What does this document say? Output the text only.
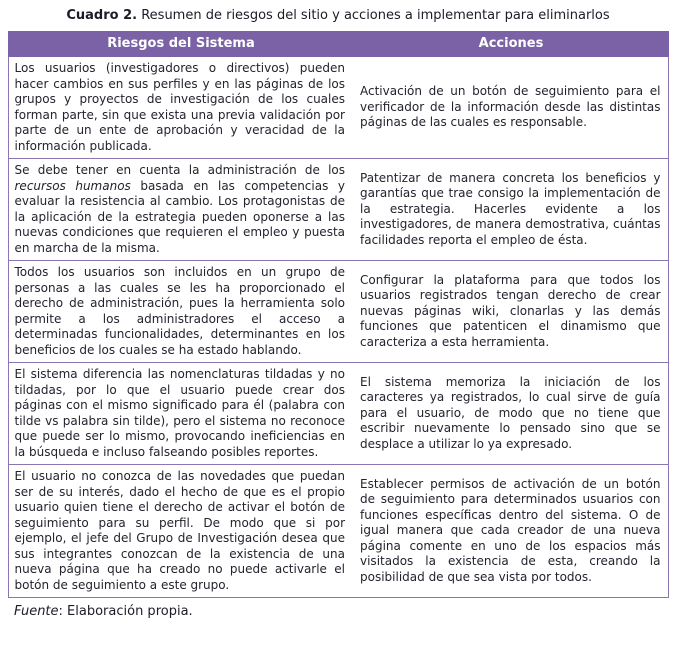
Cuadro 2. Resumen de riesgos del sitio y acciones a implementar para eliminarlos
Riesgos del Sistema	Acciones
Los usuarios (investigadores o directivos) pueden hacer cambios en sus perfiles y en las páginas de los grupos y proyectos de investigación de los cuales forman parte, sin que exista una previa validación por parte de un ente de aprobación y veracidad de la información publicada.	Activación de un botón de seguimiento para el verificador de la información desde las distintas páginas de las cuales es responsable.
Se debe tener en cuenta la administración de los recursos humanos basada en las competencias y evaluar la resistencia al cambio. Los protagonistas de la aplicación de la estrategia pueden oponerse a las nuevas condiciones que requieren el empleo y puesta en marcha de la misma.	Patentizar de manera concreta los beneficios y garantías que trae consigo la implementación de la estrategia. Hacerles evidente a los investigadores, de manera demostrativa, cuántas facilidades reporta el empleo de ésta.
Todos los usuarios son incluidos en un grupo de personas a las cuales se les ha proporcionado el derecho de administración, pues la herramienta solo permite a los administradores el acceso a determinadas funcionalidades, determinantes en los beneficios de los cuales se ha estado hablando.	Configurar la plataforma para que todos los usuarios registrados tengan derecho de crear nuevas páginas wiki, clonarlas y las demás funciones que patenticen el dinamismo que caracteriza a esta herramienta.
El sistema diferencia las nomenclaturas tildadas y no tildadas, por lo que el usuario puede crear dos páginas con el mismo significado para él (palabra con tilde vs palabra sin tilde), pero el sistema no reconoce que puede ser lo mismo, provocando ineficiencias en la búsqueda e incluso falseando posibles reportes.	El sistema memoriza la iniciación de los caracteres ya registrados, lo cual sirve de guía para el usuario, de modo que no tiene que escribir nuevamente lo pensado sino que se desplace a utilizar lo ya expresado.
El usuario no conozca de las novedades que puedan ser de su interés, dado el hecho de que es el propio usuario quien tiene el derecho de activar el botón de seguimiento para su perfil. De modo que si por ejemplo, el jefe del Grupo de Investigación desea que sus integrantes conozcan de la existencia de una nueva página que ha creado no puede activarle el botón de seguimiento a este grupo.	Establecer permisos de activación de un botón de seguimiento para determinados usuarios con funciones específicas dentro del sistema. O de igual manera que cada creador de una nueva página comente en uno de los espacios más visitados la existencia de esta, creando la posibilidad de que sea vista por todos.
Fuente: Elaboración propia.
